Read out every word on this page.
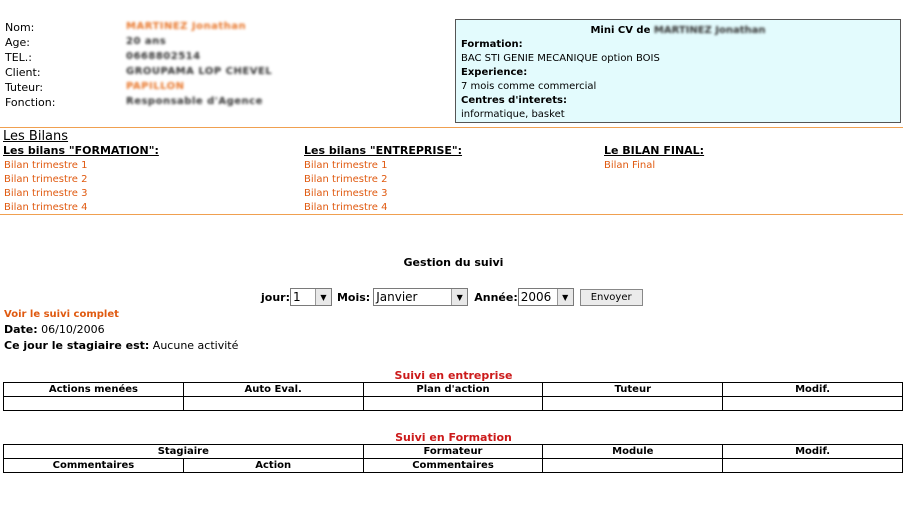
Nom:	MARTINEZ Jonathan
Age:	20 ans
TEL.:	0668802514
Client:	GROUPAMA LOP CHEVEL
Tuteur:	PAPILLON
Fonction:	Responsable d'Agence
Mini CV de MARTINEZ Jonathan
Formation:
BAC STI GENIE MECANIQUE option BOIS
Experience:
7 mois comme commercial
Centres d'interets:
informatique, basket
Les Bilans
Les bilans "FORMATION":
Bilan trimestre 1
Bilan trimestre 2
Bilan trimestre 3
Bilan trimestre 4
Les bilans "ENTREPRISE":
Bilan trimestre 1
Bilan trimestre 2
Bilan trimestre 3
Bilan trimestre 4
Le BILAN FINAL:
Bilan Final
Gestion du suivi
jour: 1	▼ Mois: Janvier	▼	Année: 2006	▼	Envoyer
Voir le suivi complet
Date: 06/10/2006
Ce jour le stagiaire est: Aucune activité
Suivi en entreprise
Actions menées	Auto Eval.	Plan d'action	Tuteur	Modif.

Suivi en Formation
Stagiaire		Formateur	Module	Modif.
Commentaires	Action	Commentaires		
